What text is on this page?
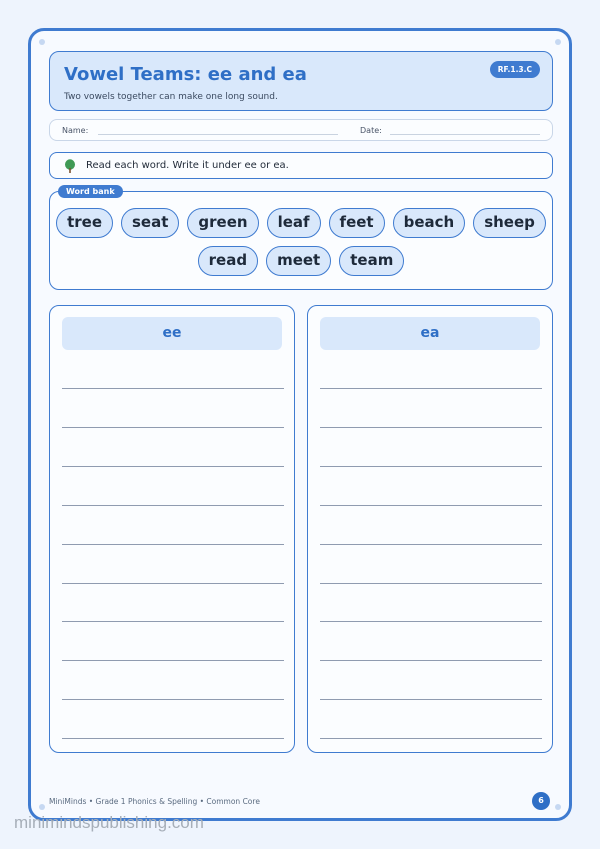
Vowel Teams: ee and ea
Two vowels together can make one long sound.
RF.1.3.C
Name:	Date:
Read each word. Write it under ee or ea.
Word bank
tree	seat	green	leaf	feet	beach	sheep
read	meet	team
ee	ea
MiniMinds • Grade 1 Phonics & Spelling • Common Core	6
minimindspublishing.com
